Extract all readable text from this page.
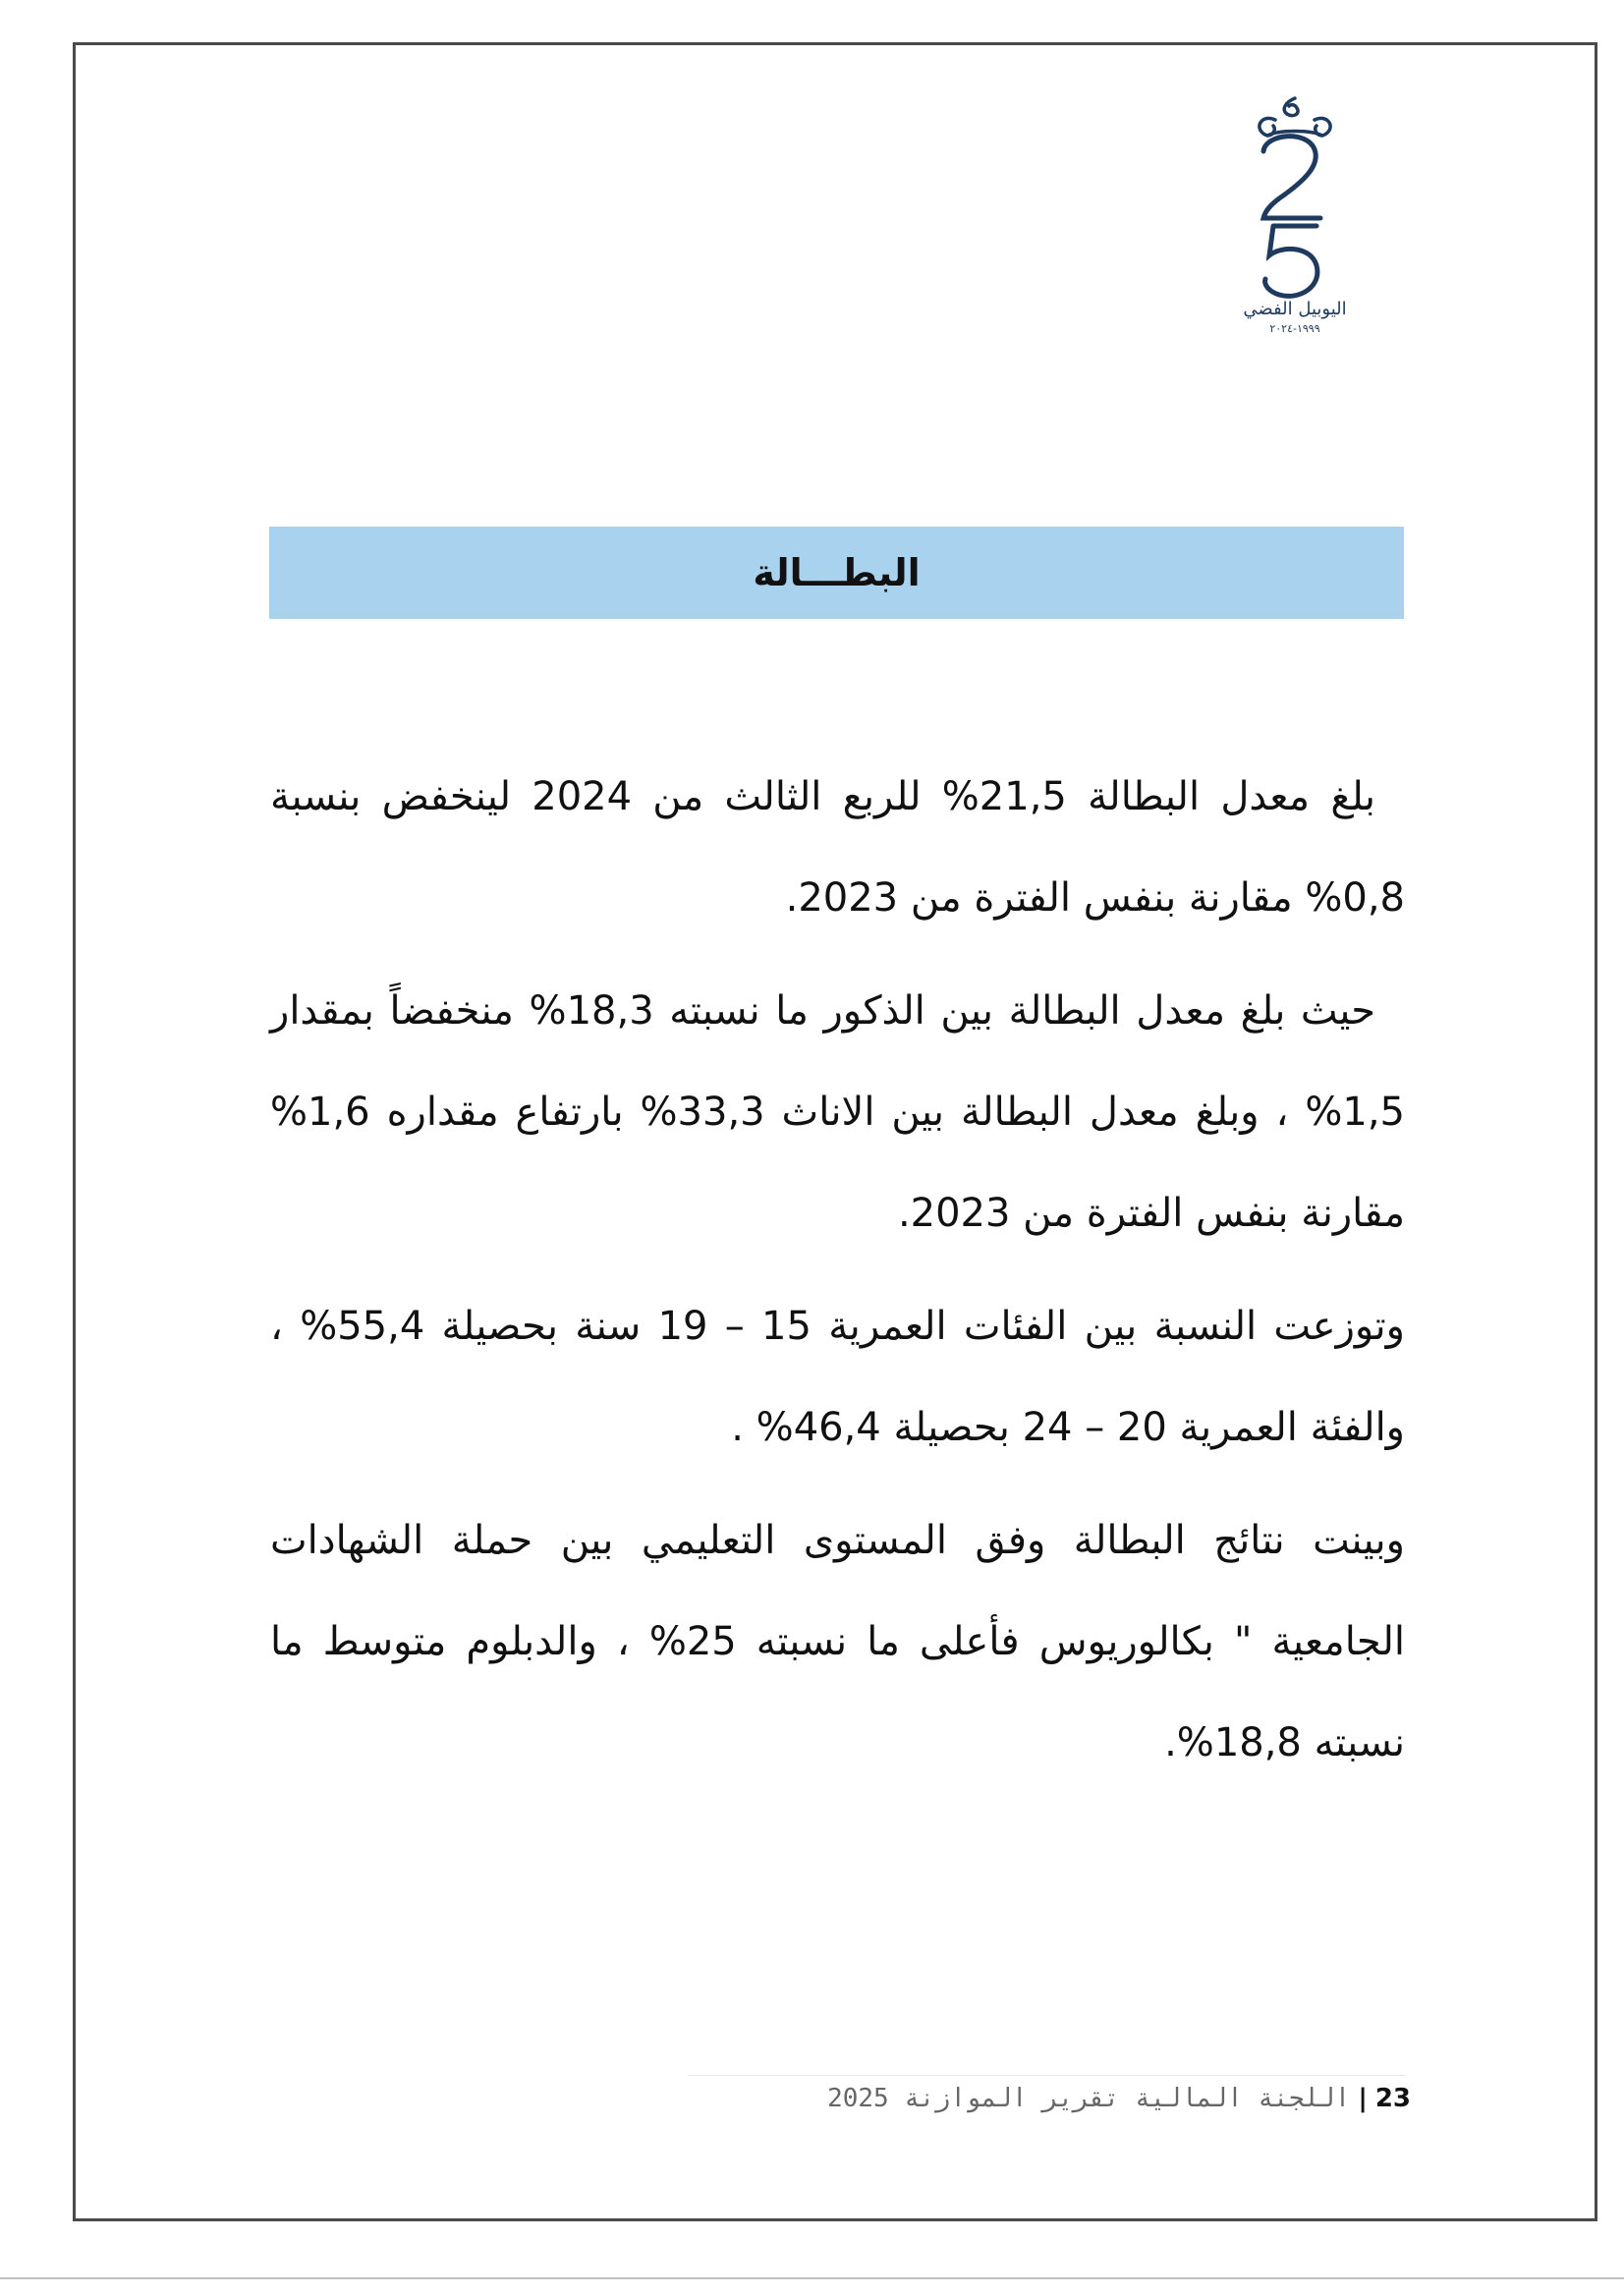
اليوبيل الفضي
١٩٩٩-٢٠٢٤
البطـــالة

بلغ معدل البطالة 21,5% للربع الثالث من 2024 لينخفض بنسبة 0,8% مقارنة بنفس الفترة من 2023.

حيث بلغ معدل البطالة بين الذكور ما نسبته 18,3% منخفضاً بمقدار 1,5% ، وبلغ معدل البطالة بين الاناث 33,3% بارتفاع مقداره 1,6% مقارنة بنفس الفترة من 2023.

وتوزعت النسبة بين الفئات العمرية 15 – 19 سنة بحصيلة 55,4% ، والفئة العمرية 20 – 24 بحصيلة 46,4% .

وبينت نتائج البطالة وفق المستوى التعليمي بين حملة الشهادات الجامعية " بكالوريوس فأعلى ما نسبته 25% ، والدبلوم متوسط ما نسبته 18,8%.

23
|
اللجنة المالية تقرير الموازنة 2025
